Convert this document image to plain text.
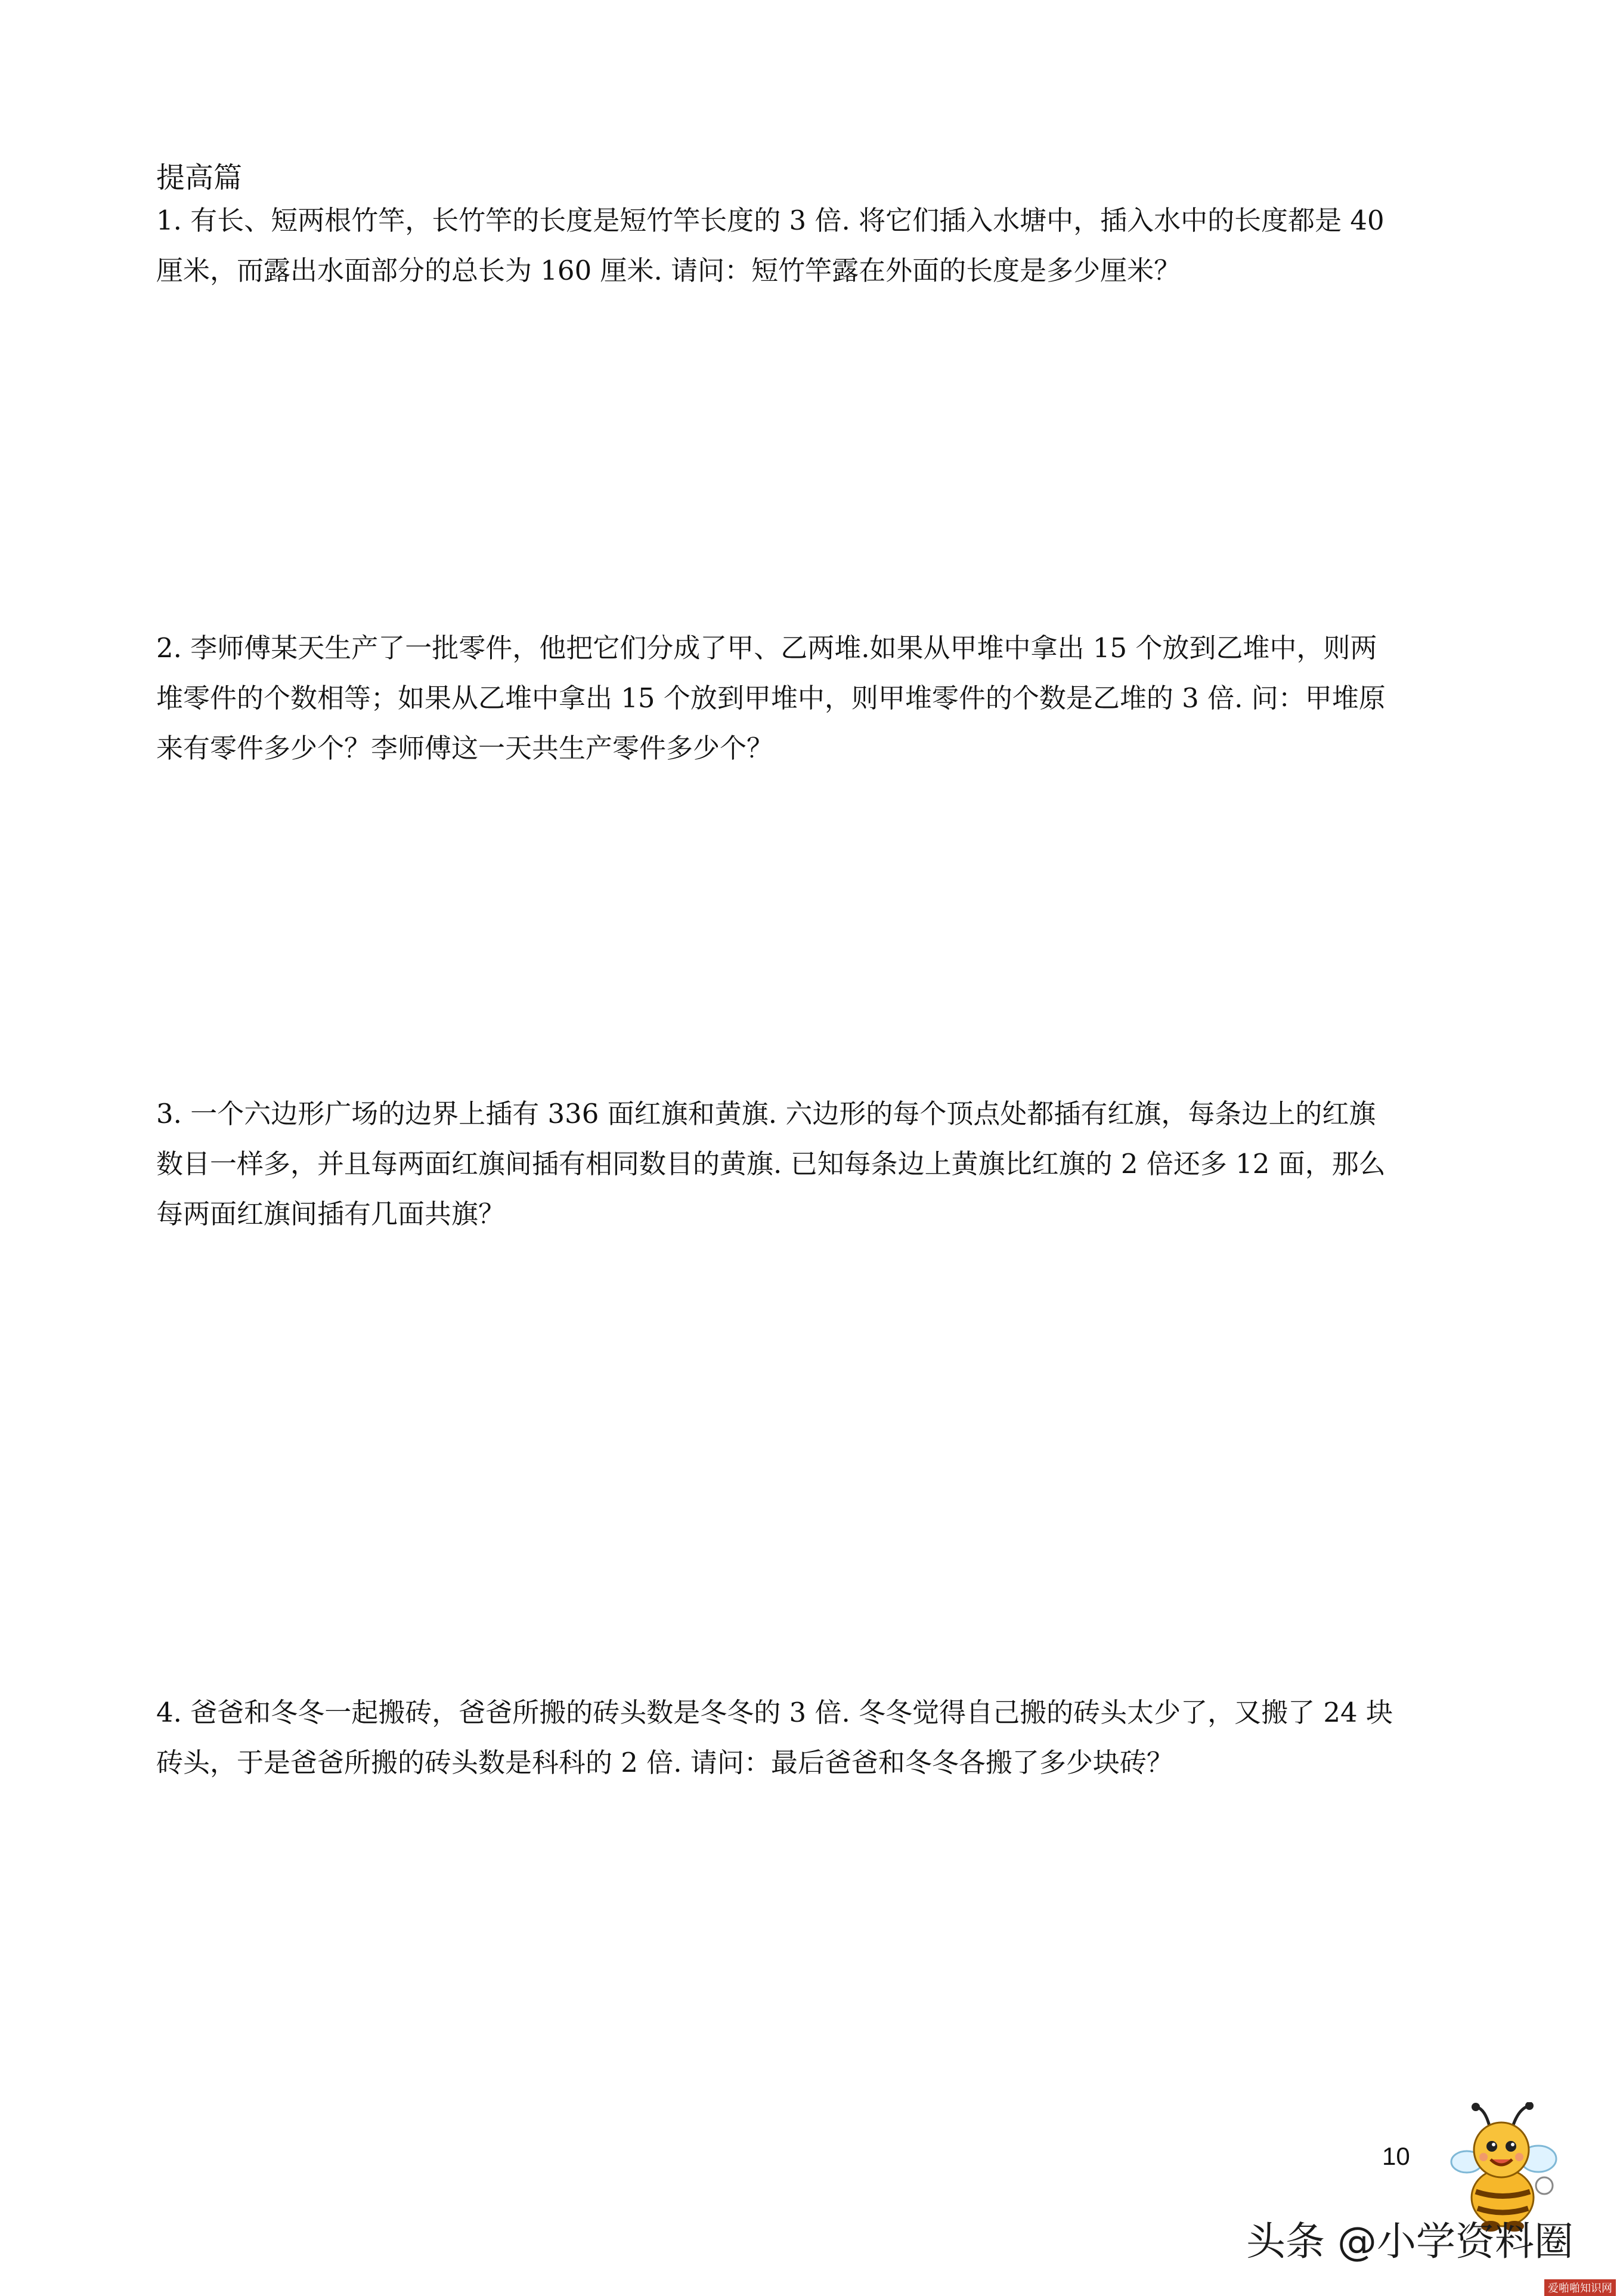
提高篇
1. 有长、短两根竹竿，长竹竿的长度是短竹竿长度的 3 倍. 将它们插入水塘中，插入水中的长度都是 40
厘米，而露出水面部分的总长为 160 厘米. 请问：短竹竿露在外面的长度是多少厘米？
2. 李师傅某天生产了一批零件，他把它们分成了甲、乙两堆.如果从甲堆中拿出 15 个放到乙堆中，则两
堆零件的个数相等；如果从乙堆中拿出 15 个放到甲堆中，则甲堆零件的个数是乙堆的 3 倍. 问：甲堆原
来有零件多少个？李师傅这一天共生产零件多少个？
3. 一个六边形广场的边界上插有 336 面红旗和黄旗. 六边形的每个顶点处都插有红旗，每条边上的红旗
数目一样多，并且每两面红旗间插有相同数目的黄旗. 已知每条边上黄旗比红旗的 2 倍还多 12 面，那么
每两面红旗间插有几面共旗？
4. 爸爸和冬冬一起搬砖，爸爸所搬的砖头数是冬冬的 3 倍. 冬冬觉得自己搬的砖头太少了，又搬了 24 块
砖头，于是爸爸所搬的砖头数是科科的 2 倍. 请问：最后爸爸和冬冬各搬了多少块砖？
10
头条 @小学资料圈
爱啪啪知识网
